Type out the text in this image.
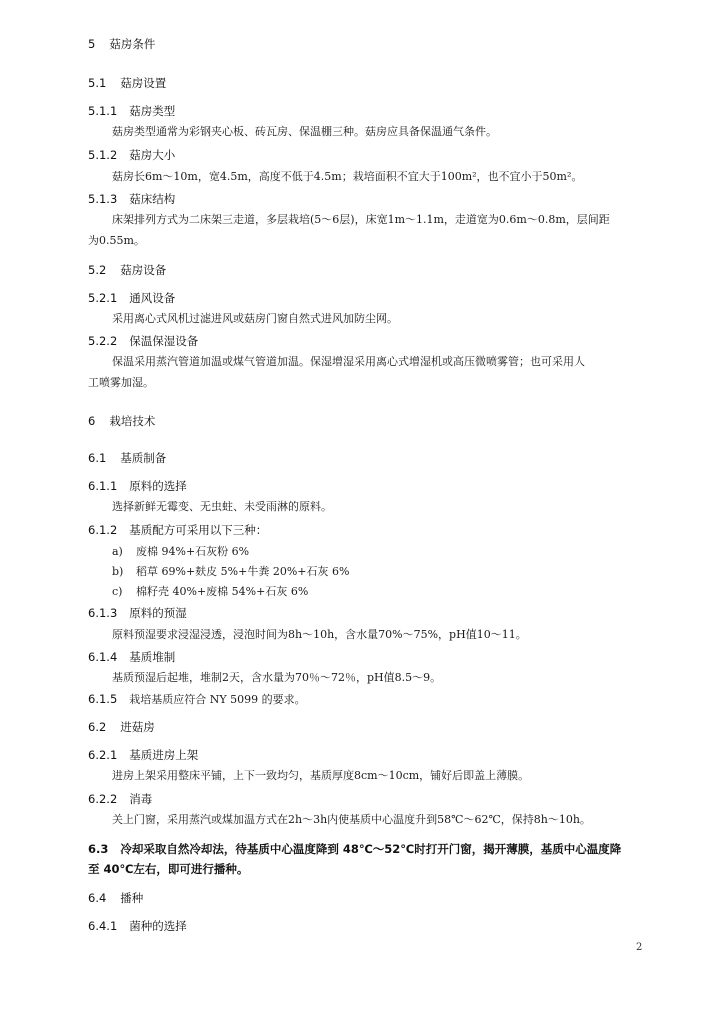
5 菇房条件
5.1 菇房设置
5.1.1 菇房类型
菇房类型通常为彩钢夹心板、砖瓦房、保温棚三种。菇房应具备保温通气条件。
5.1.2 菇房大小
菇房长6m～10m，宽4.5m，高度不低于4.5m；栽培面积不宜大于100m²，也不宜小于50m²。
5.1.3 菇床结构
床架排列方式为二床架三走道，多层栽培(5～6层)，床宽1m～1.1m，走道宽为0.6m～0.8m，层间距
为0.55m。
5.2 菇房设备
5.2.1 通风设备
采用离心式风机过滤进风或菇房门窗自然式进风加防尘网。
5.2.2 保温保湿设备
保温采用蒸汽管道加温或煤气管道加温。保湿增湿采用离心式增湿机或高压微喷雾管；也可采用人
工喷雾加湿。
6 栽培技术
6.1 基质制备
6.1.1 原料的选择
选择新鲜无霉变、无虫蛀、未受雨淋的原料。
6.1.2 基质配方可采用以下三种：
a) 废棉 94%+石灰粉 6%
b) 稻草 69%+麸皮 5%+牛粪 20%+石灰 6%
c) 棉籽壳 40%+废棉 54%+石灰 6%
6.1.3 原料的预湿
原料预湿要求浸湿浸透，浸泡时间为8h～10h，含水量70%～75%，pH值10～11。
6.1.4 基质堆制
基质预湿后起堆，堆制2天，含水量为70％～72％，pH值8.5～9。
6.1.5 栽培基质应符合 NY 5099 的要求。
6.2 进菇房
6.2.1 基质进房上架
进房上架采用整床平铺，上下一致均匀，基质厚度8cm～10cm，铺好后即盖上薄膜。
6.2.2 消毒
关上门窗，采用蒸汽或煤加温方式在2h～3h内使基质中心温度升到58℃～62℃，保持8h～10h。
6.3 冷却采取自然冷却法，待基质中心温度降到 48℃～52℃时打开门窗，揭开薄膜，基质中心温度降
至 40℃左右，即可进行播种。
6.4 播种
6.4.1 菌种的选择
2
